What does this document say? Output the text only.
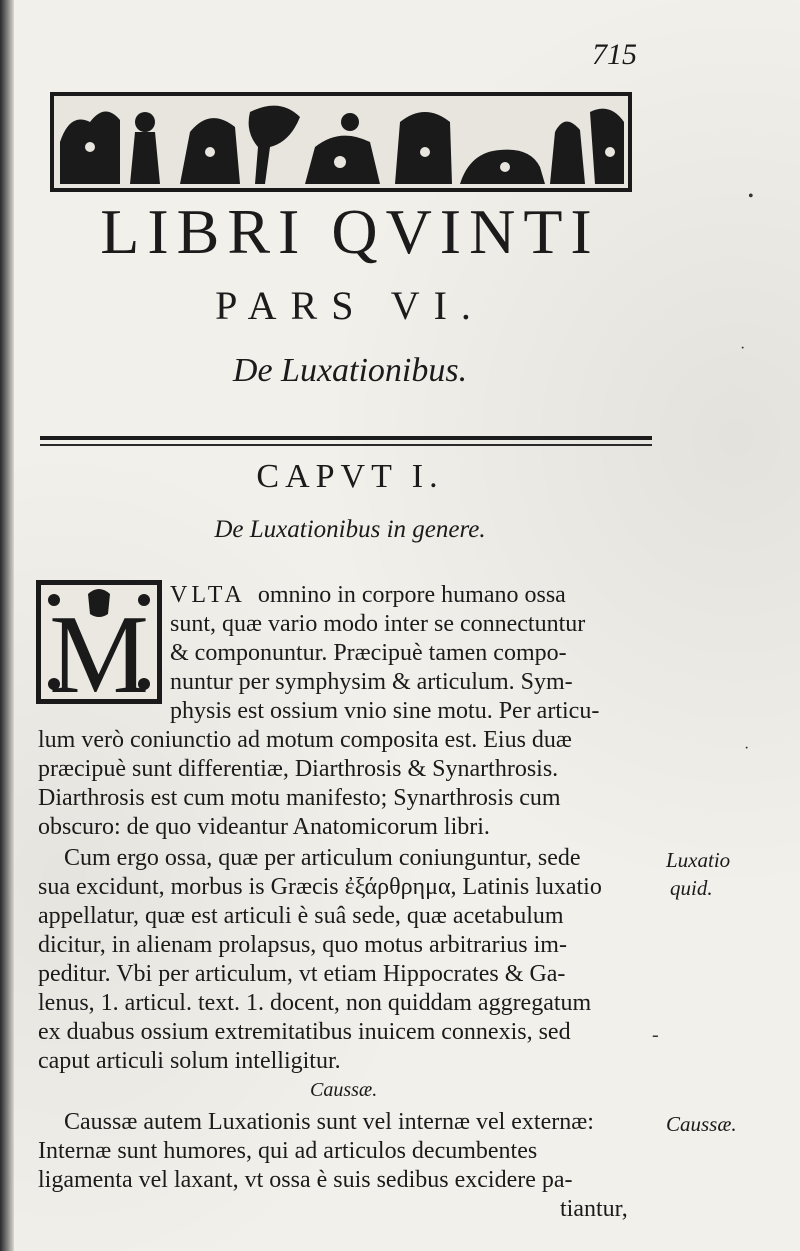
715
LIBRI QVINTI
PARS VI.
De Luxationibus.
CAPVT I.
De Luxationibus in genere.
M VLTA omnino in corpore humano ossa
sunt, quæ vario modo inter se connectuntur
& componuntur. Præcipuè tamen compo-
nuntur per symphysim & articulum. Sym-
physis est ossium vnio sine motu. Per articu-
lum verò coniunctio ad motum composita est. Eius duæ
præcipuè sunt differentiæ, Diarthrosis & Synarthrosis.
Diarthrosis est cum motu manifesto; Synarthrosis cum
obscuro: de quo videantur Anatomicorum libri.
Cum ergo ossa, quæ per articulum coniunguntur, sede
sua excidunt, morbus is Græcis ἐξάρθρημα, Latinis luxatio
appellatur, quæ est articuli è suâ sede, quæ acetabulum
dicitur, in alienam prolapsus, quo motus arbitrarius im-
peditur. Vbi per articulum, vt etiam Hippocrates & Ga-
lenus, 1. articul. text. 1. docent, non quiddam aggregatum
ex duabus ossium extremitatibus inuicem connexis, sed
caput articuli solum intelligitur.
Caussæ.
Caussæ autem Luxationis sunt vel internæ vel externæ:
Internæ sunt humores, qui ad articulos decumbentes
ligamenta vel laxant, vt ossa è suis sedibus excidere pa-
tiantur,
Luxatio
quid.
Caussæ.
•
·
·
-
